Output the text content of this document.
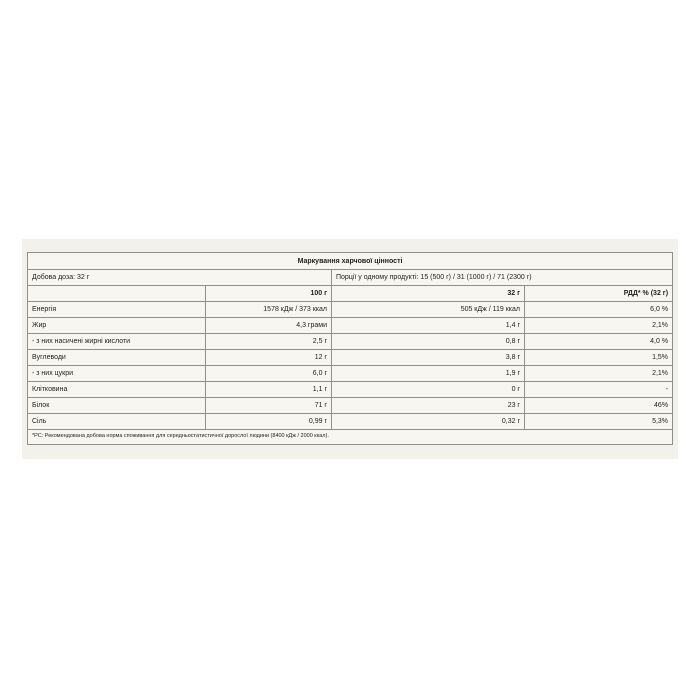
Маркування харчової цінності			
Добова доза: 32 г		Порції у одному продукті: 15 (500 г) / 31 (1000 г) / 71 (2300 г)	
	100 г	32 г	РДД* % (32 г)
Енергія	1578 кДж / 373 ккал	505 кДж / 119 ккал	6,0 %
Жир	4,3 грами	1,4 г	2,1%
- з них насичені жирні кислоти	2,5 г	0,8 г	4,0 %
Вуглеводи	12 г	3,8 г	1,5%
- з них цукри	6,0 г	1,9 г	2,1%
Клітковина	1,1 г	0 г	-
Білок	71 г	23 г	46%
Сіль	0,99 г	0,32 г	5,3%
*РС: Рекомендована добова норма споживання для середньостатистичної дорослої людини (8400 кДж / 2000 ккал).			
